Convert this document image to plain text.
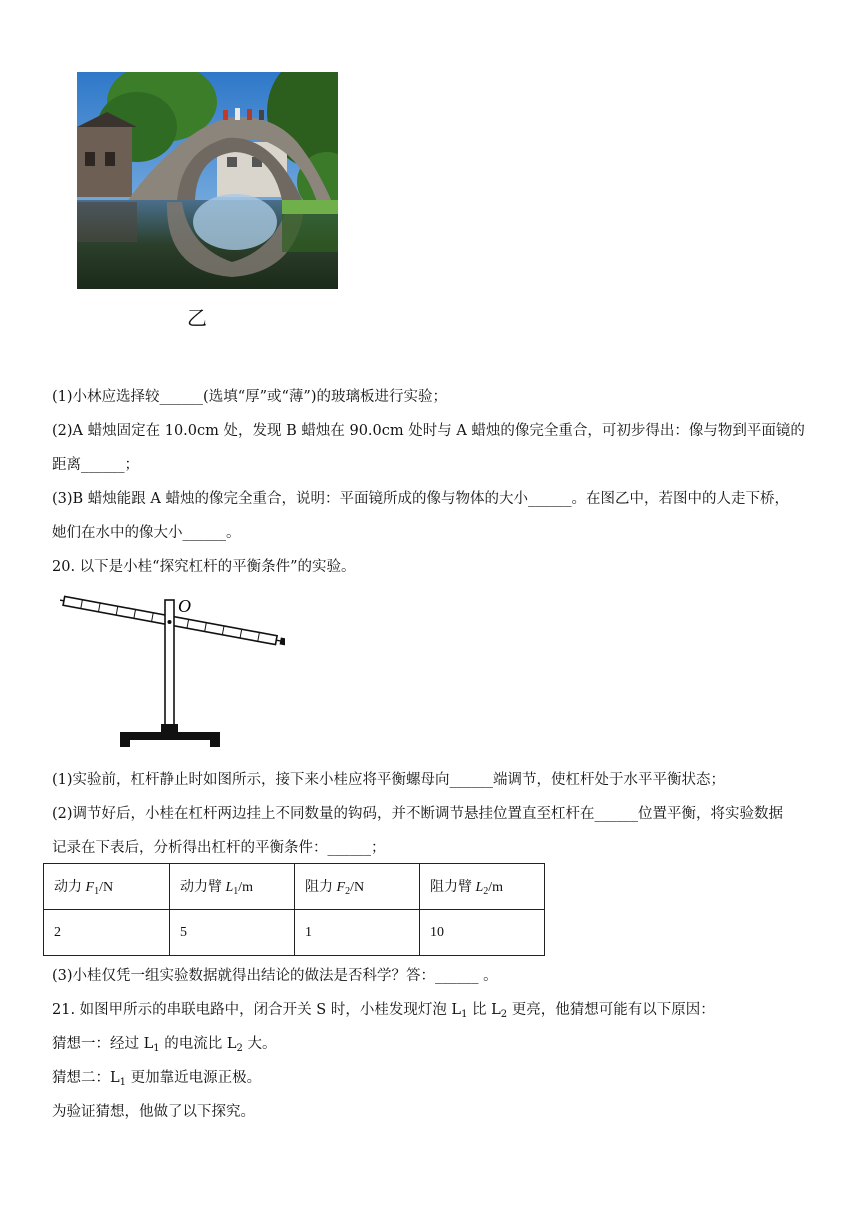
乙
(1)小林应选择较______(选填“厚”或“薄”)的玻璃板进行实验；
(2)A 蜡烛固定在 10.0cm 处，发现 B 蜡烛在 90.0cm 处时与 A 蜡烛的像完全重合，可初步得出：像与物到平面镜的
距离______；
(3)B 蜡烛能跟 A 蜡烛的像完全重合，说明：平面镜所成的像与物体的大小______。在图乙中，若图中的人走下桥，
她们在水中的像大小______。
20. 以下是小桂“探究杠杆的平衡条件”的实验。
O
(1)实验前，杠杆静止时如图所示，接下来小桂应将平衡螺母向______端调节，使杠杆处于水平平衡状态；
(2)调节好后，小桂在杠杆两边挂上不同数量的钩码，并不断调节悬挂位置直至杠杆在______位置平衡，将实验数据
记录在下表后，分析得出杠杆的平衡条件：______；
动力 $F_1/N$	动力臂 $L_1/m$	阻力 $F_2/N$	阻力臂 $L_2/m$
2	5	1	10
(3)小桂仅凭一组实验数据就得出结论的做法是否科学？答：______ 。
21. 如图甲所示的串联电路中，闭合开关 S 时，小桂发现灯泡 $L_1$ 比 $L_2$ 更亮，他猜想可能有以下原因：
猜想一：经过 $L_1$ 的电流比 $L_2$ 大。
猜想二：$L_1$ 更加靠近电源正极。
为验证猜想，他做了以下探究。
